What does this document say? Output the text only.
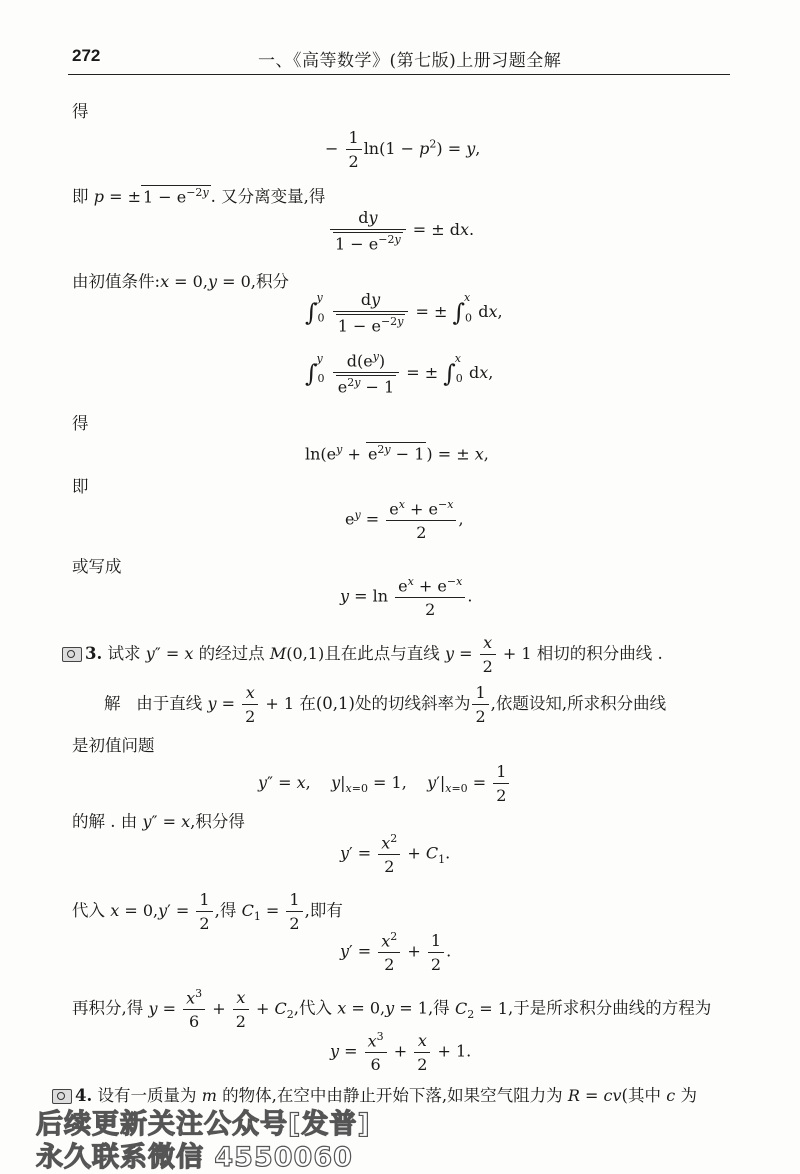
272	一、《高等数学》(第七版)上册习题全解
得
− $\frac{1}{2} \ln(1 - p^2) = y$,
即 p = ± $1 - e^{-2y}$ . 又分离变量,得
$\frac{dy}{1 - e^{-2y}}$ = ± dx.
由初值条件:x = 0,y = 0,积分
$\int_0^y \frac{dy}{1 - e^{-2y}}$ = ± $\int_0^xdx$,
$\int_0^y \frac{d(e^y)}{e^{2y} - 1}$ = ± $\int_0^xdx$,
得
$\ln(e^y + e^{2y} - 1$ ) = ± x,
即
$e^y = \frac{e^x + e^{-x}}{2}$ ,
或写成
$y = \ln \frac{e^x + e^{-x}}{2}$ .
3. 试求 y″ = x 的经过点 M(0,1)且在此点与直线 $y = \frac{x}{2} + 1$ 相切的积分曲线 .
解 由于直线 $y = \frac{x}{2} + 1$ 在(0,1)处的切线斜率为 $\frac{1}{2}$ ,依题设知,所求积分曲线
是初值问题
y″ = x,    $y|_{x=0} = 1$,    $y'|_{x=0} = \frac{1}{2}$
的解 . 由 y″ = x,积分得
$y' = \frac{x^2}{2} + C_1$.
代入 $x = 0,y' = \frac{1}{2}$ ,得 $C_1 = \frac{1}{2}$ ,即有
$y' = \frac{x^2}{2} + \frac{1}{2}$ .
再积分,得 $y = \frac{x^3}{6} + \frac{x}{2} + C_2$,代入 x = 0,y = 1,得 $C_2 = 1$,于是所求积分曲线的方程为
$y = \frac{x^3}{6} + \frac{x}{2} + 1$.
4. 设有一质量为 m 的物体,在空中由静止开始下落,如果空气阻力为 R = cv(其中 c 为
后续更新关注公众号[发普]
永久联系微信 4550060
